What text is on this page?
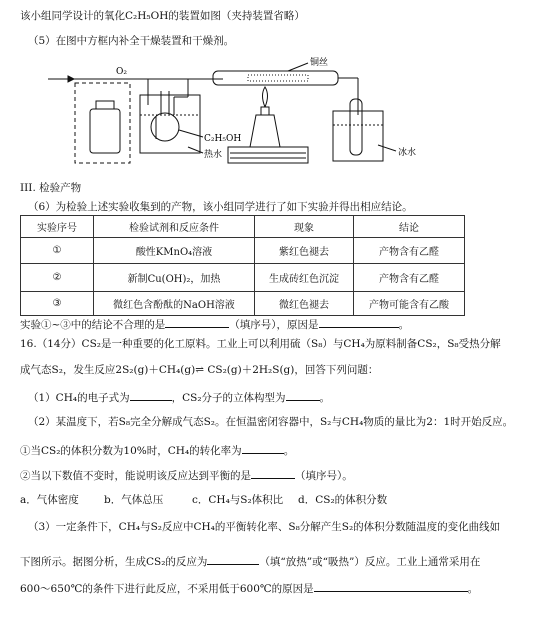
该小组同学设计的氧化C₂H₅OH的装置如图（夹持装置省略）
（5）在图中方框内补全干燥装置和干燥剂。
O₂
铜丝
C₂H₅OH
热水	冰水
III. 检验产物
（6）为检验上述实验收集到的产物，该小组同学进行了如下实验并得出相应结论。
实验序号	检验试剂和反应条件	现象	结论
①	酸性KMnO₄溶液	紫红色褪去	产物含有乙醛
②	新制Cu(OH)₂，加热	生成砖红色沉淀	产物含有乙醛
③	微红色含酚酞的NaOH溶液	微红色褪去	产物可能含有乙酸
实验①~③中的结论不合理的是	（填序号），原因是	。
16.（14分）CS₂是一种重要的化工原料。工业上可以利用硫（S₈）与CH₄为原料制备CS₂，S₈受热分解
成气态S₂，发生反应2S₂(g)＋CH₄(g)⇌ CS₂(g)＋2H₂S(g)，回答下列问题：
（1）CH₄的电子式为	，CS₂分子的立体构型为	。
（2）某温度下，若S₈完全分解成气态S₂。在恒温密闭容器中，S₂与CH₄物质的量比为2：1时开始反应。
①当CS₂的体积分数为10%时，CH₄的转化率为	。
②当以下数值不变时，能说明该反应达到平衡的是	（填序号）。
a．气体密度 b．气体总压	c．CH₄与S₂体积比 d．CS₂的体积分数
（3）一定条件下，CH₄与S₂反应中CH₄的平衡转化率、S₈分解产生S₂的体积分数随温度的变化曲线如
下图所示。据图分析，生成CS₂的反应为	（填“放热”或“吸热”）反应。工业上通常采用在
600～650℃的条件下进行此反应，不采用低于600℃的原因是	。
